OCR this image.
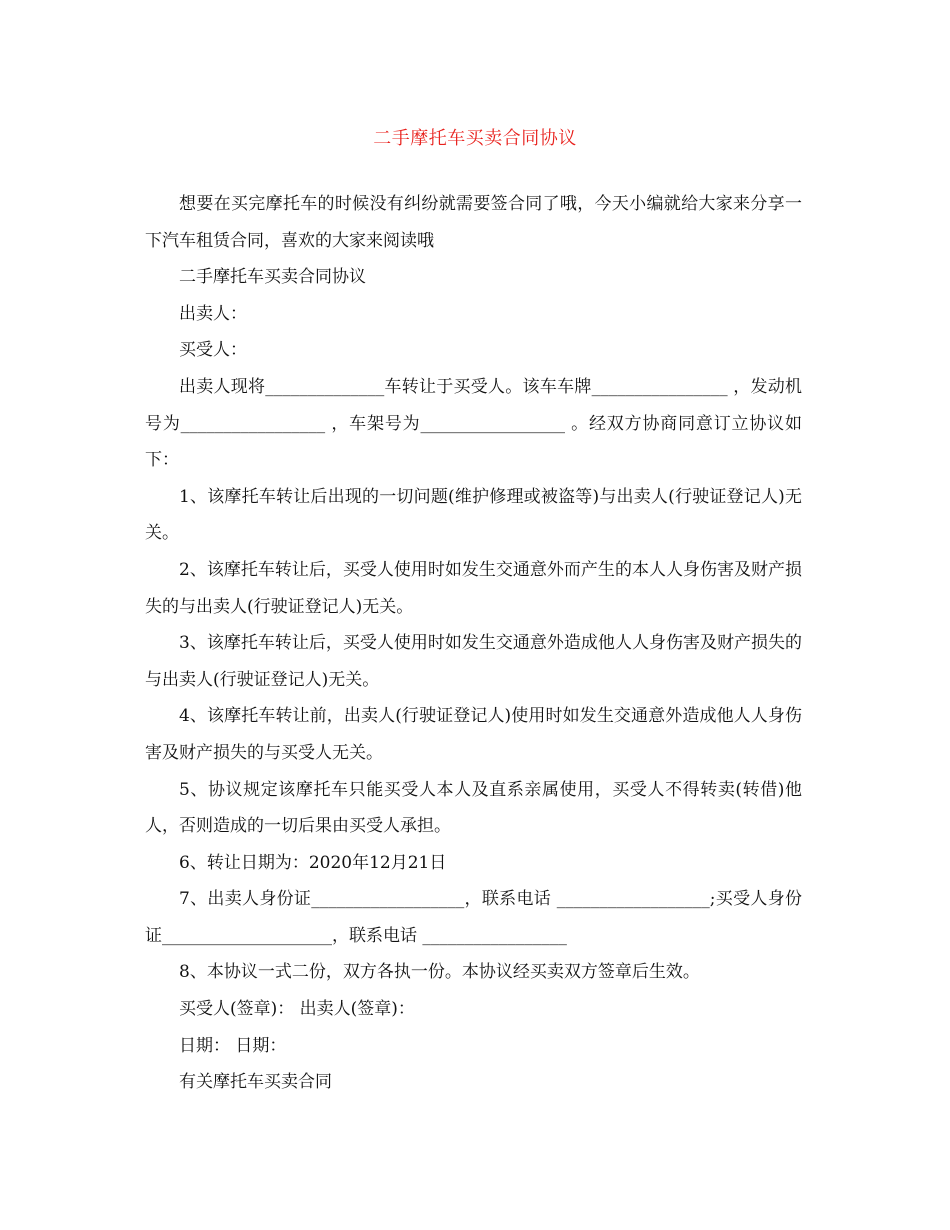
二手摩托车买卖合同协议

想要在买完摩托车的时候没有纠纷就需要签合同了哦，今天小编就给大家来分享一下汽车租赁合同，喜欢的大家来阅读哦

二手摩托车买卖合同协议

出卖人：

买受人：

出卖人现将______________车转让于买受人。该车车牌________________ ，发动机号为_________________ ，车架号为_________________ 。经双方协商同意订立协议如下：

1、该摩托车转让后出现的一切问题(维护修理或被盗等)与出卖人(行驶证登记人)无关。

2、该摩托车转让后，买受人使用时如发生交通意外而产生的本人人身伤害及财产损失的与出卖人(行驶证登记人)无关。

3、该摩托车转让后，买受人使用时如发生交通意外造成他人人身伤害及财产损失的与出卖人(行驶证登记人)无关。

4、该摩托车转让前，出卖人(行驶证登记人)使用时如发生交通意外造成他人人身伤害及财产损失的与买受人无关。

5、协议规定该摩托车只能买受人本人及直系亲属使用，买受人不得转卖(转借)他人，否则造成的一切后果由买受人承担。

6、转让日期为：2020年12月21日

7、出卖人身份证__________________，联系电话 __________________;买受人身份证____________________，联系电话 _________________

8、本协议一式二份，双方各执一份。本协议经买卖双方签章后生效。

买受人(签章)： 出卖人(签章)：

日期： 日期：

有关摩托车买卖合同
